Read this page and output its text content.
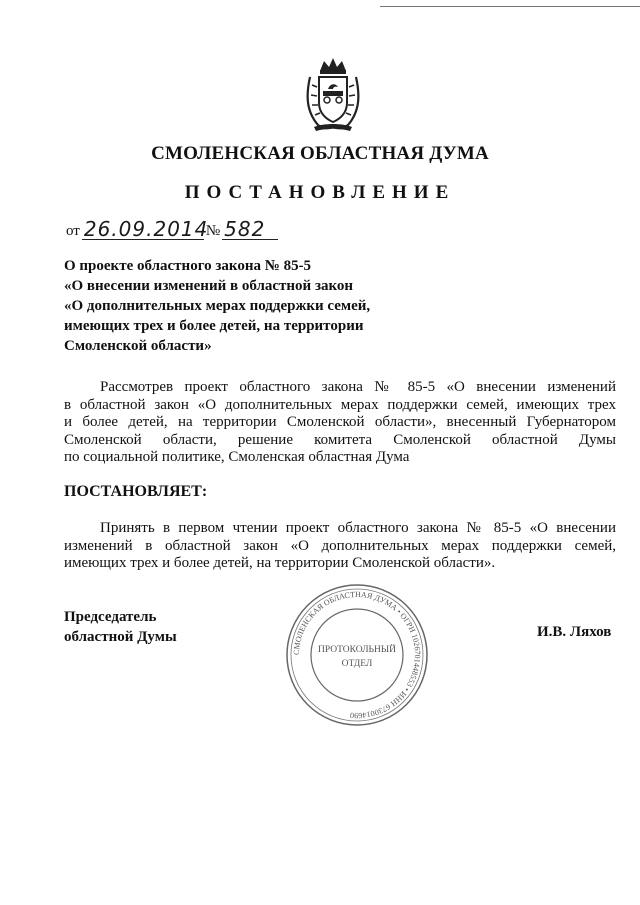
СМОЛЕНСКАЯ ОБЛАСТНАЯ ДУМА
ПОСТАНОВЛЕНИЕ
от 26.09.2014
№ 582
О проекте областного закона № 85-5
«О внесении изменений в областной закон
«О дополнительных мерах поддержки семей,
имеющих трех и более детей, на территории
Смоленской области»
Рассмотрев проект областного закона № 85-5 «О внесении изменений
в областной закон «О дополнительных мерах поддержки семей, имеющих трех
и более детей, на территории Смоленской области», внесенный Губернатором
Смоленской области, решение комитета Смоленской областной Думы
по социальной политике, Смоленская областная Дума
ПОСТАНОВЛЯЕТ:
Принять в первом чтении проект областного закона № 85-5 «О внесении
изменений в областной закон «О дополнительных мерах поддержки семей,
имеющих трех и более детей, на территории Смоленской области».
Председатель
областной Думы	И.В. Ляхов
СМОЛЕНСКАЯ ОБЛАСТНАЯ ДУМА • ОГРН 1026701448553 • ИНН 6730014690
ПРОТОКОЛЬНЫЙ
ОТДЕЛ
